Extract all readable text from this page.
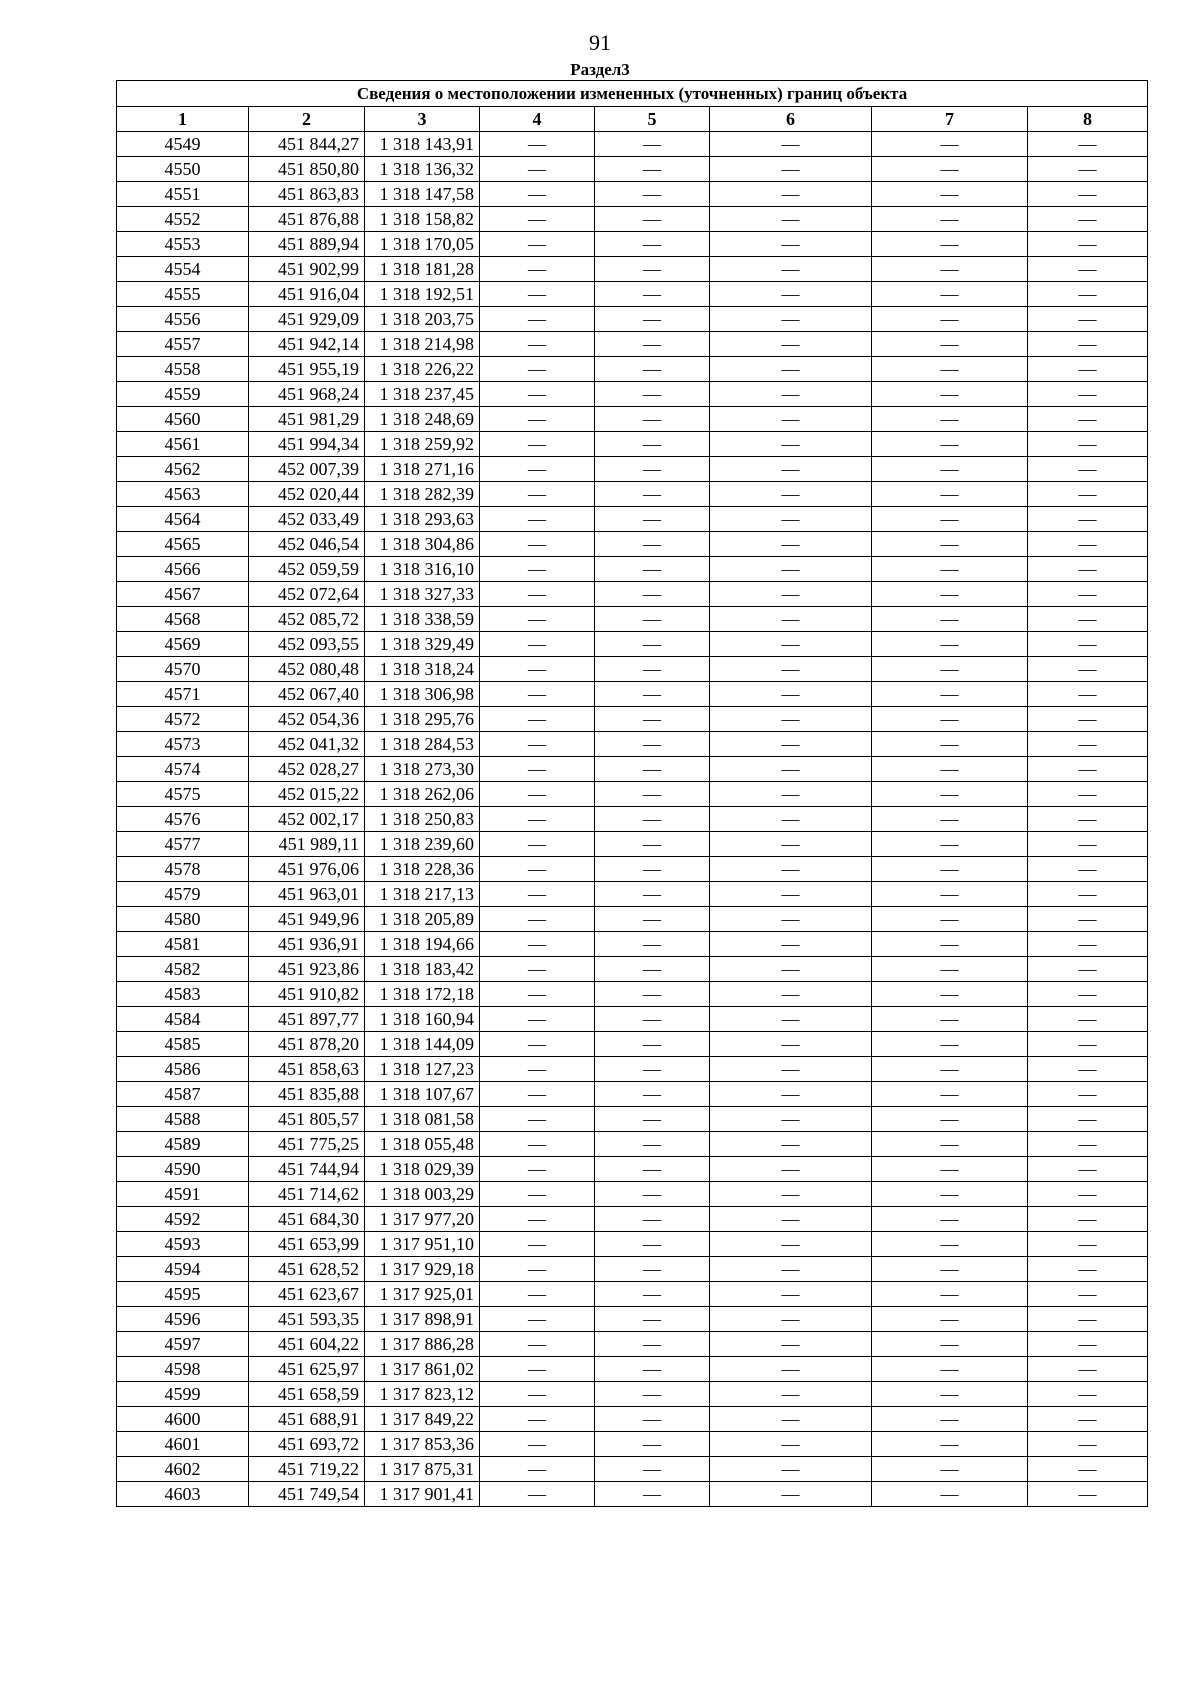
91
Раздел3
Сведения о местоположении измененных (уточненных) границ объекта							
1	2	3	4	5	6	7	8
4549	451 844,27	1 318 143,91	—	—	—	—	—
4550	451 850,80	1 318 136,32	—	—	—	—	—
4551	451 863,83	1 318 147,58	—	—	—	—	—
4552	451 876,88	1 318 158,82	—	—	—	—	—
4553	451 889,94	1 318 170,05	—	—	—	—	—
4554	451 902,99	1 318 181,28	—	—	—	—	—
4555	451 916,04	1 318 192,51	—	—	—	—	—
4556	451 929,09	1 318 203,75	—	—	—	—	—
4557	451 942,14	1 318 214,98	—	—	—	—	—
4558	451 955,19	1 318 226,22	—	—	—	—	—
4559	451 968,24	1 318 237,45	—	—	—	—	—
4560	451 981,29	1 318 248,69	—	—	—	—	—
4561	451 994,34	1 318 259,92	—	—	—	—	—
4562	452 007,39	1 318 271,16	—	—	—	—	—
4563	452 020,44	1 318 282,39	—	—	—	—	—
4564	452 033,49	1 318 293,63	—	—	—	—	—
4565	452 046,54	1 318 304,86	—	—	—	—	—
4566	452 059,59	1 318 316,10	—	—	—	—	—
4567	452 072,64	1 318 327,33	—	—	—	—	—
4568	452 085,72	1 318 338,59	—	—	—	—	—
4569	452 093,55	1 318 329,49	—	—	—	—	—
4570	452 080,48	1 318 318,24	—	—	—	—	—
4571	452 067,40	1 318 306,98	—	—	—	—	—
4572	452 054,36	1 318 295,76	—	—	—	—	—
4573	452 041,32	1 318 284,53	—	—	—	—	—
4574	452 028,27	1 318 273,30	—	—	—	—	—
4575	452 015,22	1 318 262,06	—	—	—	—	—
4576	452 002,17	1 318 250,83	—	—	—	—	—
4577	451 989,11	1 318 239,60	—	—	—	—	—
4578	451 976,06	1 318 228,36	—	—	—	—	—
4579	451 963,01	1 318 217,13	—	—	—	—	—
4580	451 949,96	1 318 205,89	—	—	—	—	—
4581	451 936,91	1 318 194,66	—	—	—	—	—
4582	451 923,86	1 318 183,42	—	—	—	—	—
4583	451 910,82	1 318 172,18	—	—	—	—	—
4584	451 897,77	1 318 160,94	—	—	—	—	—
4585	451 878,20	1 318 144,09	—	—	—	—	—
4586	451 858,63	1 318 127,23	—	—	—	—	—
4587	451 835,88	1 318 107,67	—	—	—	—	—
4588	451 805,57	1 318 081,58	—	—	—	—	—
4589	451 775,25	1 318 055,48	—	—	—	—	—
4590	451 744,94	1 318 029,39	—	—	—	—	—
4591	451 714,62	1 318 003,29	—	—	—	—	—
4592	451 684,30	1 317 977,20	—	—	—	—	—
4593	451 653,99	1 317 951,10	—	—	—	—	—
4594	451 628,52	1 317 929,18	—	—	—	—	—
4595	451 623,67	1 317 925,01	—	—	—	—	—
4596	451 593,35	1 317 898,91	—	—	—	—	—
4597	451 604,22	1 317 886,28	—	—	—	—	—
4598	451 625,97	1 317 861,02	—	—	—	—	—
4599	451 658,59	1 317 823,12	—	—	—	—	—
4600	451 688,91	1 317 849,22	—	—	—	—	—
4601	451 693,72	1 317 853,36	—	—	—	—	—
4602	451 719,22	1 317 875,31	—	—	—	—	—
4603	451 749,54	1 317 901,41	—	—	—	—	—
